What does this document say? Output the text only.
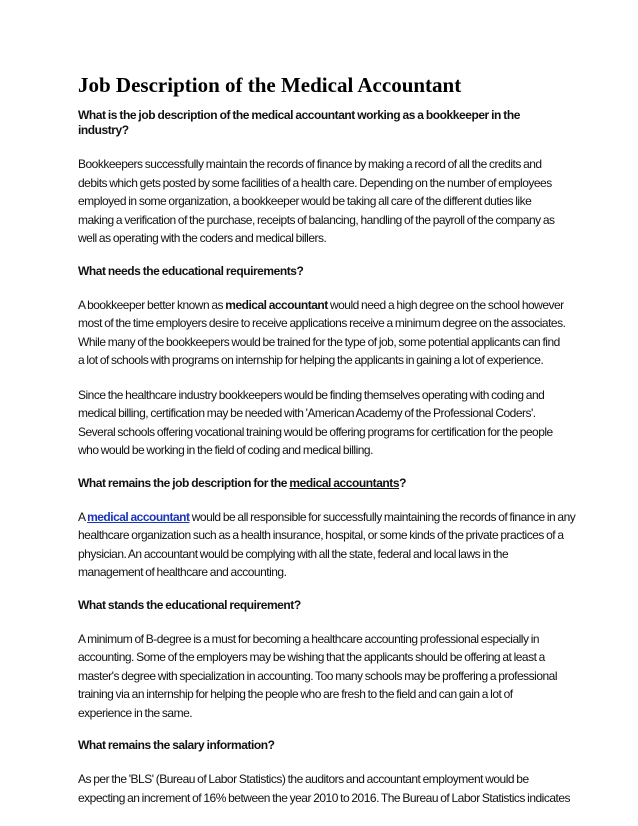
Job Description of the Medical Accountant
What is the job description of the medical accountant working as a bookkeeper in the industry?
Bookkeepers successfully maintain the records of finance by making a record of all the credits and
debits which gets posted by some facilities of a health care. Depending on the number of employees
employed in some organization, a bookkeeper would be taking all care of the different duties like
making a verification of the purchase, receipts of balancing, handling of the payroll of the company as
well as operating with the coders and medical billers.
What needs the educational requirements?
A bookkeeper better known as medical accountant would need a high degree on the school however
most of the time employers desire to receive applications receive a minimum degree on the associates.
While many of the bookkeepers would be trained for the type of job, some potential applicants can find
a lot of schools with programs on internship for helping the applicants in gaining a lot of experience.
Since the healthcare industry bookkeepers would be finding themselves operating with coding and
medical billing, certification may be needed with 'American Academy of the Professional Coders'.
Several schools offering vocational training would be offering programs for certification for the people
who would be working in the field of coding and medical billing.
What remains the job description for the medical accountants?
A medical accountant would be all responsible for successfully maintaining the records of finance in any
healthcare organization such as a health insurance, hospital, or some kinds of the private practices of a
physician. An accountant would be complying with all the state, federal and local laws in the
management of healthcare and accounting.
What stands the educational requirement?
A minimum of B-degree is a must for becoming a healthcare accounting professional especially in
accounting. Some of the employers may be wishing that the applicants should be offering at least a
master's degree with specialization in accounting. Too many schools may be proffering a professional
training via an internship for helping the people who are fresh to the field and can gain a lot of
experience in the same.
What remains the salary information?
As per the 'BLS' (Bureau of Labor Statistics) the auditors and accountant employment would be
expecting an increment of 16% between the year 2010 to 2016. The Bureau of Labor Statistics indicates
